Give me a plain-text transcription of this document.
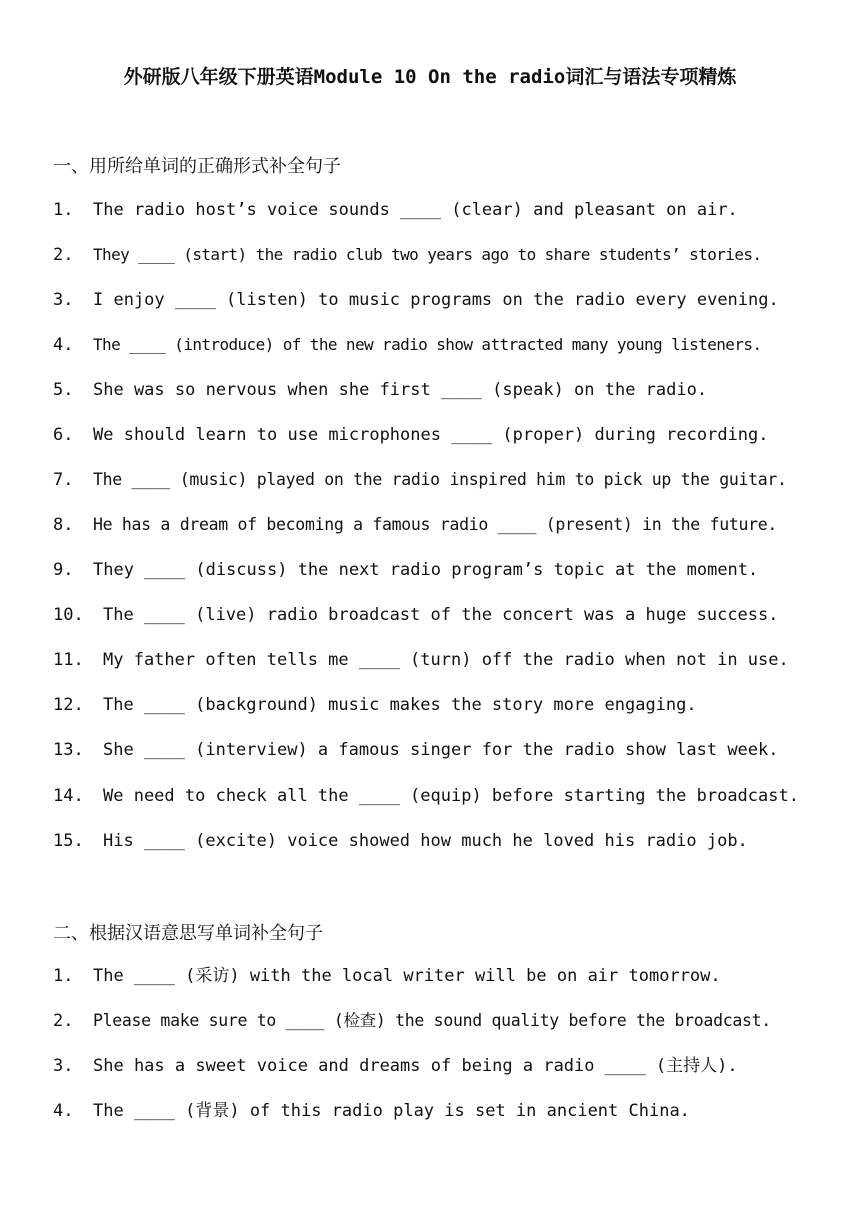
外研版八年级下册英语Module 10 On the radio词汇与语法专项精炼
一、用所给单词的正确形式补全句子
1. The radio host’s voice sounds ____ (clear) and pleasant on air.
2. They ____ (start) the radio club two years ago to share students’ stories.
3. I enjoy ____ (listen) to music programs on the radio every evening.
4. The ____ (introduce) of the new radio show attracted many young listeners.
5. She was so nervous when she first ____ (speak) on the radio.
6. We should learn to use microphones ____ (proper) during recording.
7. The ____ (music) played on the radio inspired him to pick up the guitar.
8. He has a dream of becoming a famous radio ____ (present) in the future.
9. They ____ (discuss) the next radio program’s topic at the moment.
10. The ____ (live) radio broadcast of the concert was a huge success.
11. My father often tells me ____ (turn) off the radio when not in use.
12. The ____ (background) music makes the story more engaging.
13. She ____ (interview) a famous singer for the radio show last week.
14. We need to check all the ____ (equip) before starting the broadcast.
15. His ____ (excite) voice showed how much he loved his radio job.
二、根据汉语意思写单词补全句子
1. The ____ (采访) with the local writer will be on air tomorrow.
2. Please make sure to ____ (检查) the sound quality before the broadcast.
3. She has a sweet voice and dreams of being a radio ____ (主持人).
4. The ____ (背景) of this radio play is set in ancient China.
